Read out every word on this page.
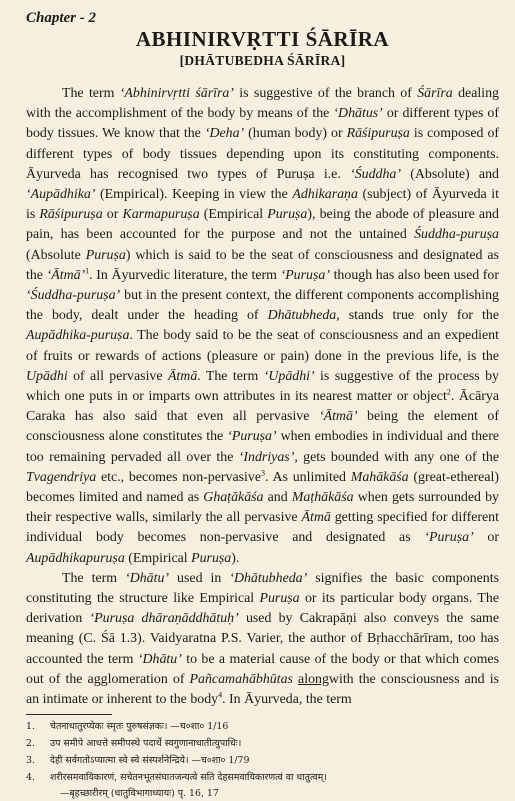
Chapter - 2

ABHINIRVṚTTI ŚĀRĪRA
[DHĀTUBEDHA ŚĀRĪRA]

The term ‘Abhinirvṛtti śārīra’ is suggestive of the branch of Śārīra dealing with the accomplishment of the body by means of the ‘Dhātus’ or different types of body tissues. We know that the ‘Deha’ (human body) or Rāśipuruṣa is composed of different types of body tissues depending upon its constituting components. Āyurveda has recognised two types of Puruṣa i.e. ‘Śuddha’ (Absolute) and ‘Aupādhika’ (Empirical). Keeping in view the Adhikaraṇa (subject) of Āyurveda it is Rāśipuruṣa or Karmapuruṣa (Empirical Puruṣa), being the abode of pleasure and pain, has been accounted for the purpose and not the untained Śuddha-puruṣa (Absolute Puruṣa) which is said to be the seat of consciousness and designated as the ‘Ātmā’$^1$. In Āyurvedic literature, the term ‘Puruṣa’ though has also been used for ‘Śuddha-puruṣa’ but in the present context, the different components accomplishing the body, dealt under the heading of Dhātubheda, stands true only for the Aupādhika-puruṣa. The body said to be the seat of consciousness and an expedient of fruits or rewards of actions (pleasure or pain) done in the previous life, is the Upādhi of all pervasive Ātmā. The term ‘Upādhi’ is suggestive of the process by which one puts in or imparts own attributes in its nearest matter or object$^2$. Ācārya Caraka has also said that even all pervasive ‘Ātmā’ being the element of consciousness alone constitutes the ‘Puruṣa’ when embodies in individual and there too remaining pervaded all over the ‘Indriyas’, gets bounded with any one of the Tvagendriya etc., becomes non-pervasive$^3$. As unlimited Mahākāśa (great-ethereal) becomes limited and named as Ghaṭākāśa and Maṭhākāśa when gets surrounded by their respective walls, similarly the all pervasive Ātmā getting specified for different individual body becomes non-pervasive and designated as ‘Puruṣa’ or Aupādhikapuruṣa (Empirical Puruṣa).

The term ‘Dhātu’ used in ‘Dhātubheda’ signifies the basic components constituting the structure like Empirical Puruṣa or its particular body organs. The derivation ‘Puruṣa dhāraṇāddhātuḥ’ used by Cakrapāṇi also conveys the same meaning (C. Śā 1.3). Vaidyaratna P.S. Varier, the author of Bṛhacchārīram, too has accounted the term ‘Dhātu’ to be a material cause of the body or that which comes out of the agglomeration of Pañcamahābhūtas alongwith the consciousness and is an intimate or inherent to the body$^4$. In Āyurveda, the term

1.	चेतनाधातुरप्येकः स्मृतः पुरुषसंज्ञकः। —च०शा० 1/16
2.	उप समीपे आधत्ते समीपस्थे पदार्थे स्वगुणानाधातीत्युपाधिः।
3.	देही सर्वगतोऽप्यात्मा स्वे स्वे संस्पर्शनेन्द्रिये। —च०शा० 1/79
4.	शरीरसमवायिकारणं, सचेतनभूतसंघातजन्यत्वे सति देहसमवायिकारणत्वं वा धातुत्वम्।
—बृहच्छारीरम् (धातुविभागाध्यायः) पृ. 16, 17
